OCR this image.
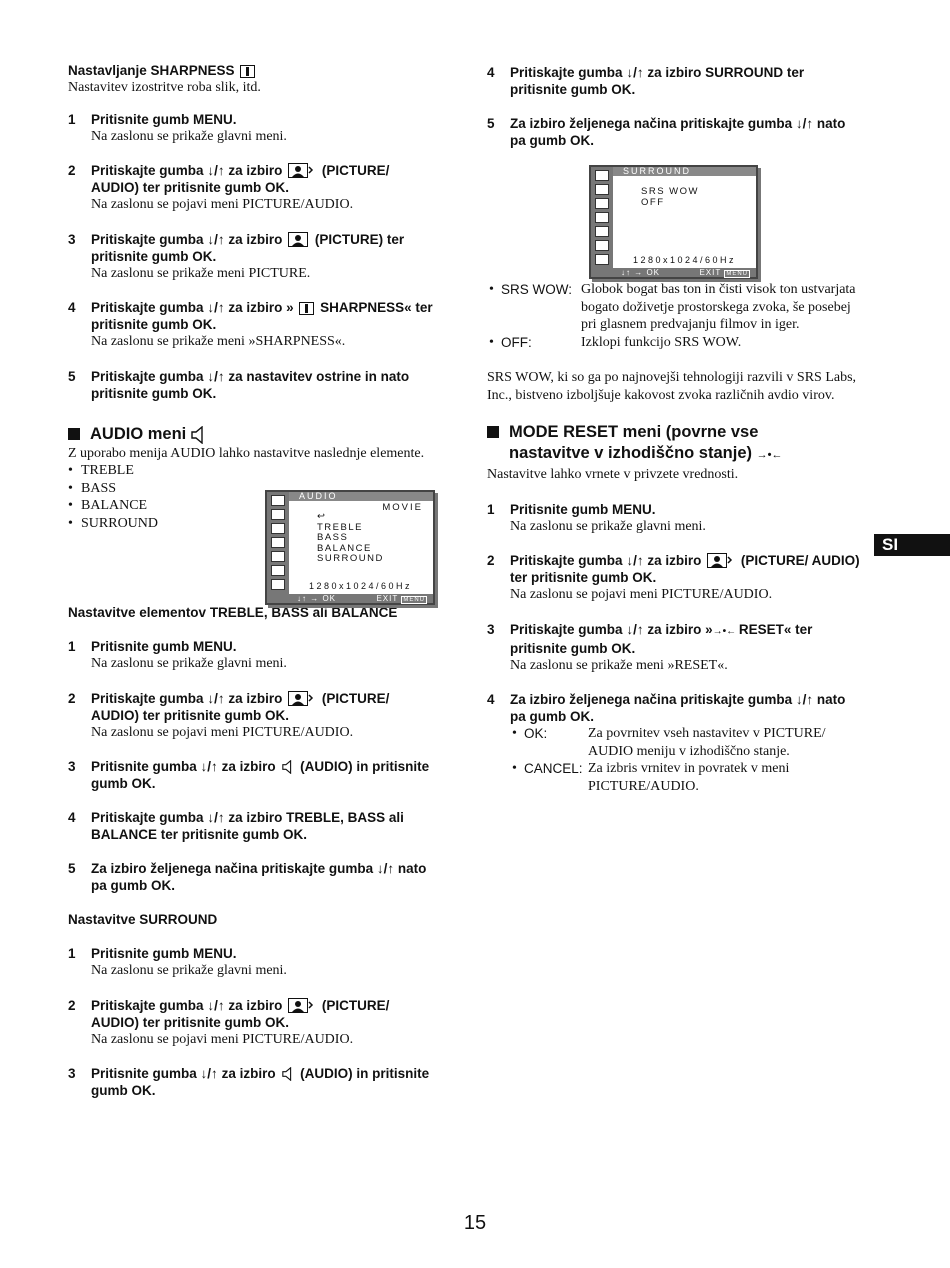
Nastavljanje SHARPNESS
Nastavitev izostritve roba slik, itd.
1 Pritisnite gumb MENU.
Na zaslonu se prikaže glavni meni.
2 Pritiskajte gumba ↓/↑ za izbiro	(PICTURE/ AUDIO) ter pritisnite gumb OK.
Na zaslonu se pojavi meni PICTURE/AUDIO.
3 Pritiskajte gumba ↓/↑ za izbiro (PICTURE) ter pritisnite gumb OK.
Na zaslonu se prikaže meni PICTURE.
4 Pritiskajte gumba ↓/↑ za izbiro » SHARPNESS« ter pritisnite gumb OK.
Na zaslonu se prikaže meni »SHARPNESS«.
5 Pritiskajte gumba ↓/↑ za nastavitev ostrine in nato pritisnite gumb OK.
AUDIO meni
Z uporabo menija AUDIO lahko nastavitve naslednje elemente.
• TREBLE
• BASS
• BALANCE
• SURROUND
Nastavitve elementov TREBLE, BASS ali BALANCE
1 Pritisnite gumb MENU.
Na zaslonu se prikaže glavni meni.
2 Pritiskajte gumba ↓/↑ za izbiro	(PICTURE/ AUDIO) ter pritisnite gumb OK.
Na zaslonu se pojavi meni PICTURE/AUDIO.
3 Pritisnite gumba ↓/↑ za izbiro (AUDIO) in pritisnite gumb OK.
4 Pritiskajte gumba ↓/↑ za izbiro TREBLE, BASS ali BALANCE ter pritisnite gumb OK.
5 Za izbiro željenega načina pritiskajte gumba ↓/↑ nato pa gumb OK.
Nastavitve SURROUND
1 Pritisnite gumb MENU.
Na zaslonu se prikaže glavni meni.
2 Pritiskajte gumba ↓/↑ za izbiro	(PICTURE/ AUDIO) ter pritisnite gumb OK.
Na zaslonu se pojavi meni PICTURE/AUDIO.
3 Pritisnite gumba ↓/↑ za izbiro (AUDIO) in pritisnite gumb OK.
AUDIO
MOVIE
↩
TREBLE
BASS
BALANCE
SURROUND
1280x1024/60Hz
↓↑ → OK	EXIT MENU
4 Pritiskajte gumba ↓/↑ za izbiro SURROUND ter pritisnite gumb OK.
5 Za izbiro željenega načina pritiskajte gumba ↓/↑ nato pa gumb OK.
• SRS WOW: Globok bogat bas ton in čisti visok ton ustvarjata bogato doživetje prostorskega zvoka, še posebej pri glasnem predvajanju filmov in iger.
• OFF:	Izklopi funkcijo SRS WOW.
SRS WOW, ki so ga po najnovejši tehnologiji razvili v SRS Labs, Inc., bistveno izboljšuje kakovost zvoka različnih avdio virov.
MODE RESET meni (povrne vse nastavitve v izhodiščno stanje) →•←
Nastavitve lahko vrnete v privzete vrednosti.
1 Pritisnite gumb MENU.
Na zaslonu se prikaže glavni meni.
2 Pritiskajte gumba ↓/↑ za izbiro	(PICTURE/ AUDIO) ter pritisnite gumb OK.
Na zaslonu se pojavi meni PICTURE/AUDIO.
3 Pritiskajte gumba ↓/↑ za izbiro »→•← RESET« ter pritisnite gumb OK.
Na zaslonu se prikaže meni »RESET«.
4 Za izbiro željenega načina pritiskajte gumba ↓/↑ nato pa gumb OK.
• OK:	Za povrnitev vseh nastavitev v PICTURE/ AUDIO meniju v izhodiščno stanje.
• CANCEL: Za izbris vrnitev in povratek v meni PICTURE/AUDIO.
SURROUND
SRS WOW
OFF
1280x1024/60Hz
↓↑ → OK	EXIT MENU
SI
15
